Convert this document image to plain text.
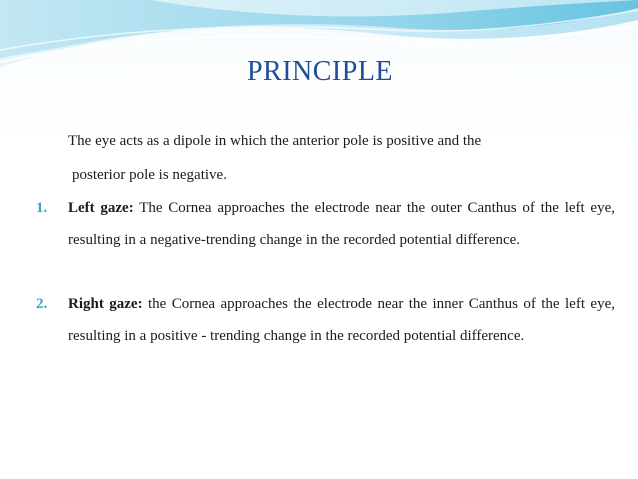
PRINCIPLE
The eye acts as a dipole in which the anterior pole is positive and the
posterior pole is negative.
1. Left gaze: The Cornea approaches the electrode near the outer Canthus of the left eye, resulting in a negative-trending change in the recorded potential difference.
2. Right gaze: the Cornea approaches the electrode near the inner Canthus of the left eye, resulting in a positive - trending change in the recorded potential difference.
